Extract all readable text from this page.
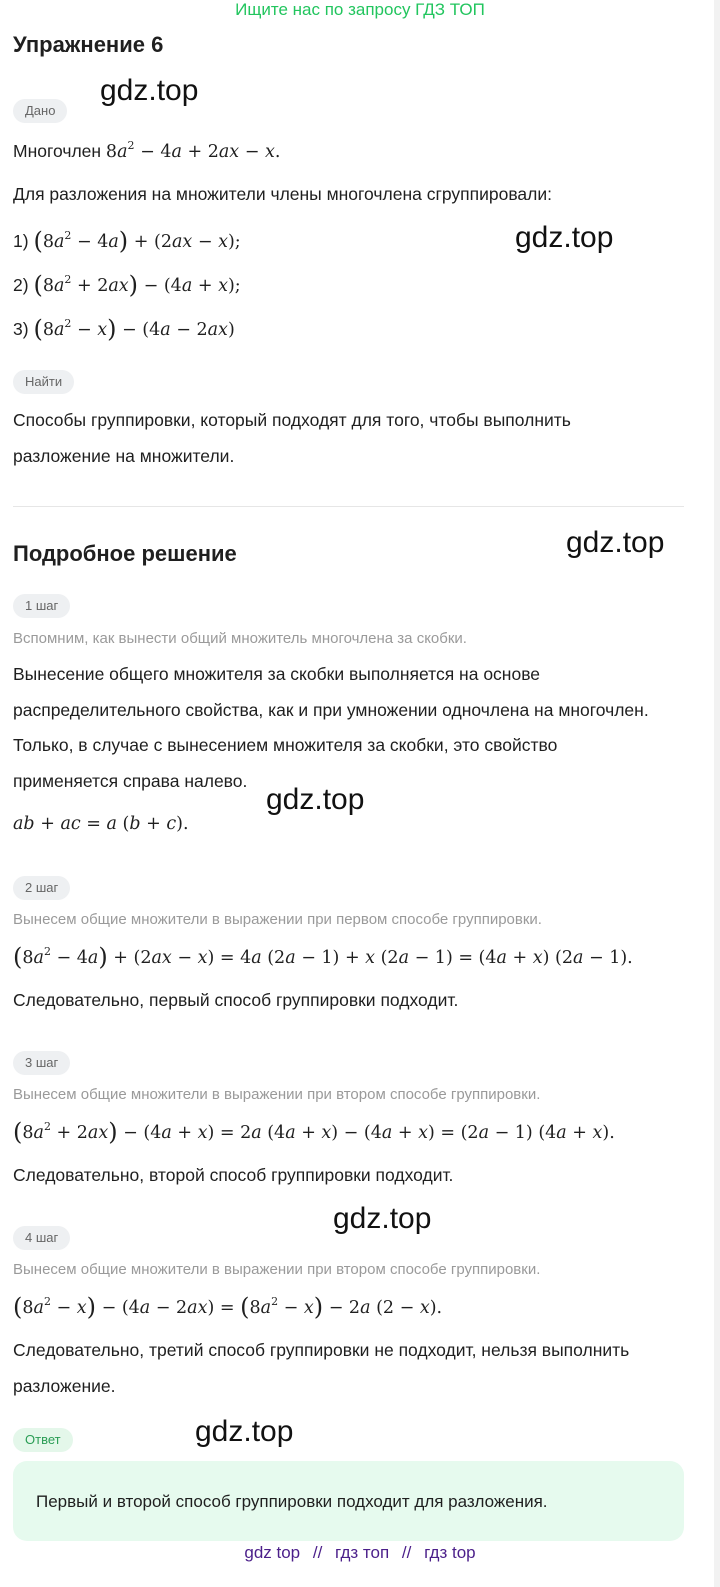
Ищите нас по запросу ГДЗ ТОП
Упражнение 6
gdz.top
Дано
Многочлен $8a^2 - 4a + 2ax - x$.
Для разложения на множители члены многочлена сгруппировали:
1) $(8a^2 - 4a) + (2ax - x)$;	gdz.top
2) $(8a^2 + 2ax) - (4a + x)$;
3) $(8a^2 - x) - (4a - 2ax)$
Найти
Способы группировки, который подходят для того, чтобы выполнить
разложение на множители.
Подробное решение	gdz.top
1 шаг
Вспомним, как вынести общий множитель многочлена за скобки.
Вынесение общего множителя за скобки выполняется на основе
распределительного свойства, как и при умножении одночлена на многочлен.
Только, в случае с вынесением множителя за скобки, это свойство
применяется справа налево.
gdz.top
ab + ac = a (b + c).
2 шаг
Вынесем общие множители в выражении при первом способе группировки.
$(8a^2 - 4a) + (2ax - x) = 4a$ (2a − 1) + x (2a − 1) = (4a + x) (2a − 1).
Следовательно, первый способ группировки подходит.
3 шаг
Вынесем общие множители в выражении при втором способе группировки.
$(8a^2 + 2ax) - (4a + x) = 2a$ (4a + x) − (4a + x) = (2a − 1) (4a + x).
Следовательно, второй способ группировки подходит.
gdz.top
4 шаг
Вынесем общие множители в выражении при втором способе группировки.
$(8a^2 - x) - (4a - 2ax) = (8a^2 - x) - 2a$ (2 − x).
Следовательно, третий способ группировки не подходит, нельзя выполнить
разложение.
Ответ	gdz.top
Первый и второй способ группировки подходит для разложения.
gdz top // гдз топ // гдз top
